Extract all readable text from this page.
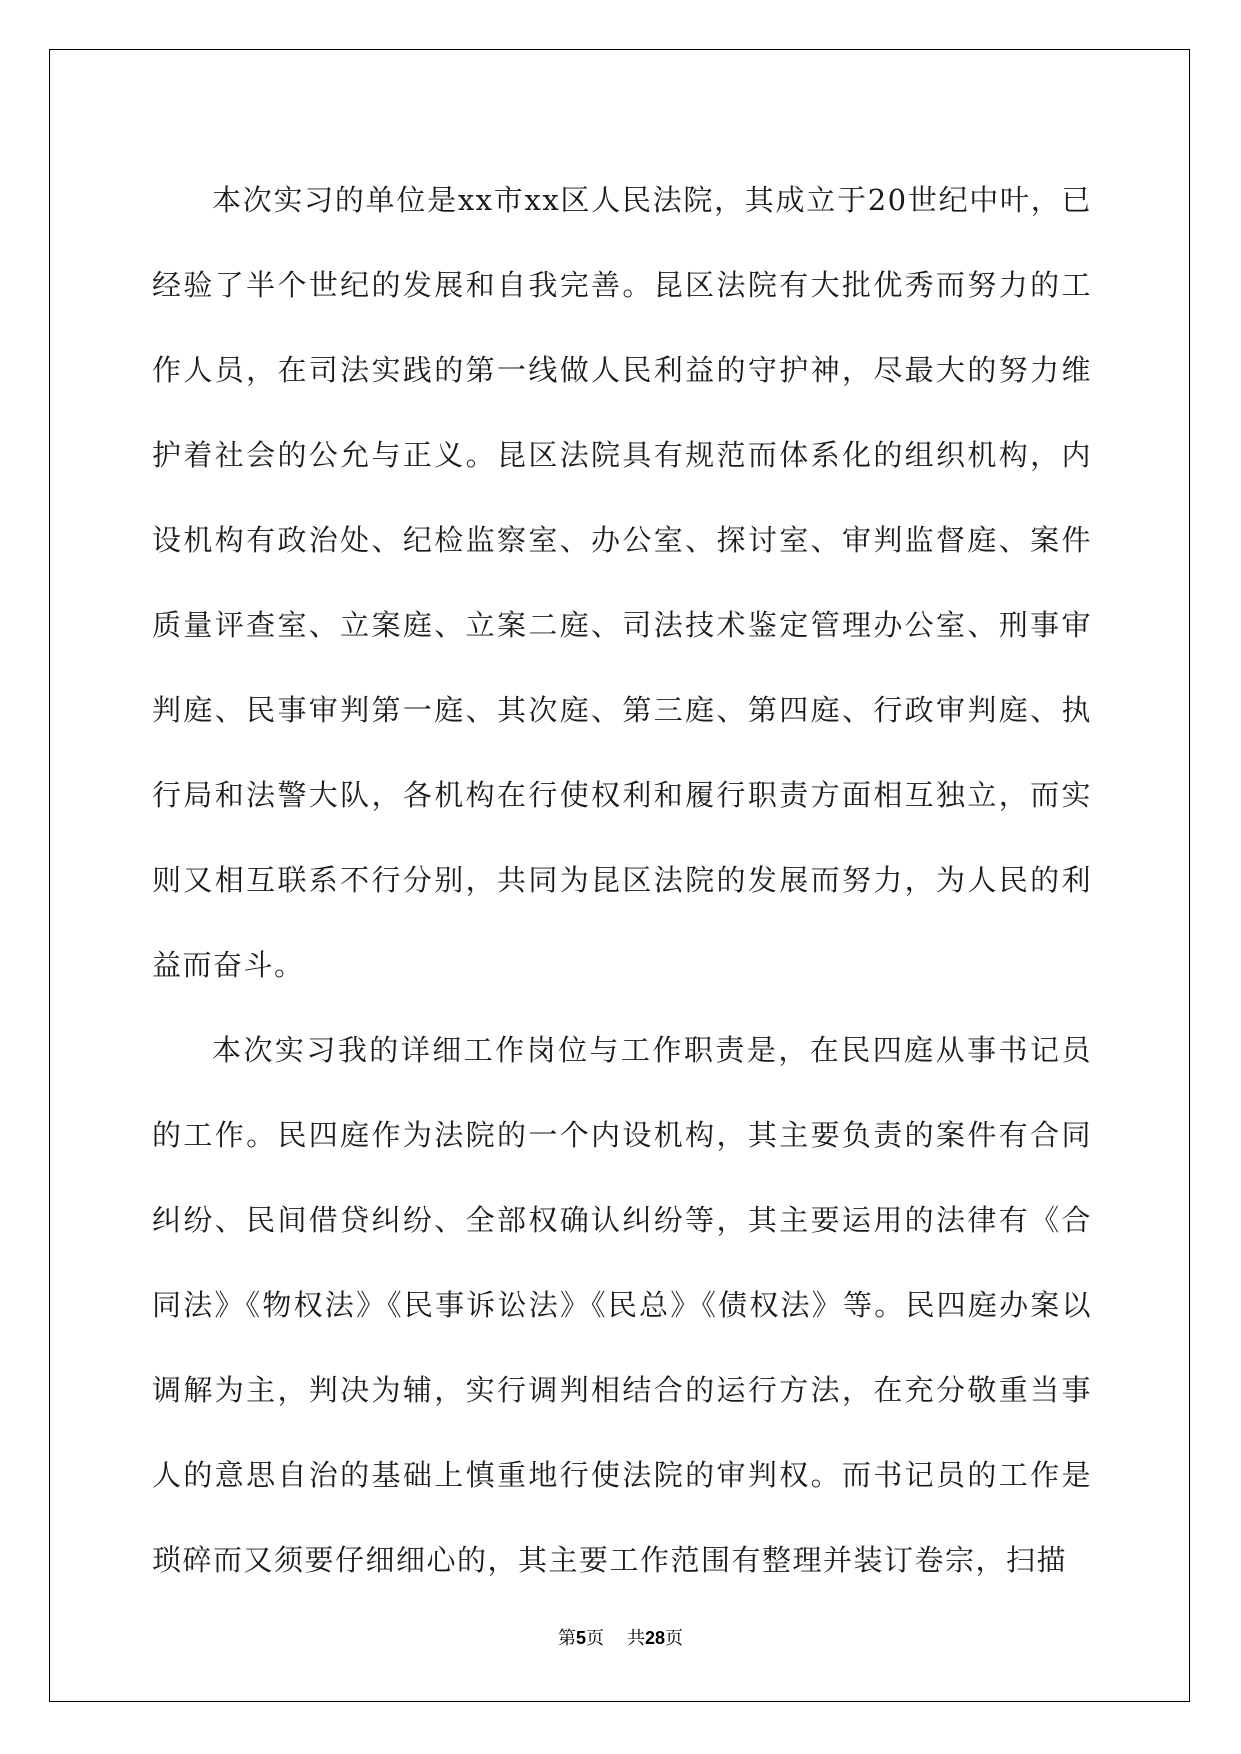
本次实习的单位是xx市xx区人民法院，其成立于20世纪中叶，已经验了半个世纪的发展和自我完善。昆区法院有大批优秀而努力的工作人员，在司法实践的第一线做人民利益的守护神，尽最大的努力维护着社会的公允与正义。昆区法院具有规范而体系化的组织机构，内设机构有政治处、纪检监察室、办公室、探讨室、审判监督庭、案件质量评查室、立案庭、立案二庭、司法技术鉴定管理办公室、刑事审判庭、民事审判第一庭、其次庭、第三庭、第四庭、行政审判庭、执行局和法警大队，各机构在行使权利和履行职责方面相互独立，而实则又相互联系不行分别，共同为昆区法院的发展而努力，为人民的利益而奋斗。

本次实习我的详细工作岗位与工作职责是，在民四庭从事书记员的工作。民四庭作为法院的一个内设机构，其主要负责的案件有合同纠纷、民间借贷纠纷、全部权确认纠纷等，其主要运用的法律有《合同法》《物权法》《民事诉讼法》《民总》《债权法》等。民四庭办案以调解为主，判决为辅，实行调判相结合的运行方法，在充分敬重当事人的意思自治的基础上慎重地行使法院的审判权。而书记员的工作是琐碎而又须要仔细细心的，其主要工作范围有整理并装订卷宗，扫描

第5页 共28页
